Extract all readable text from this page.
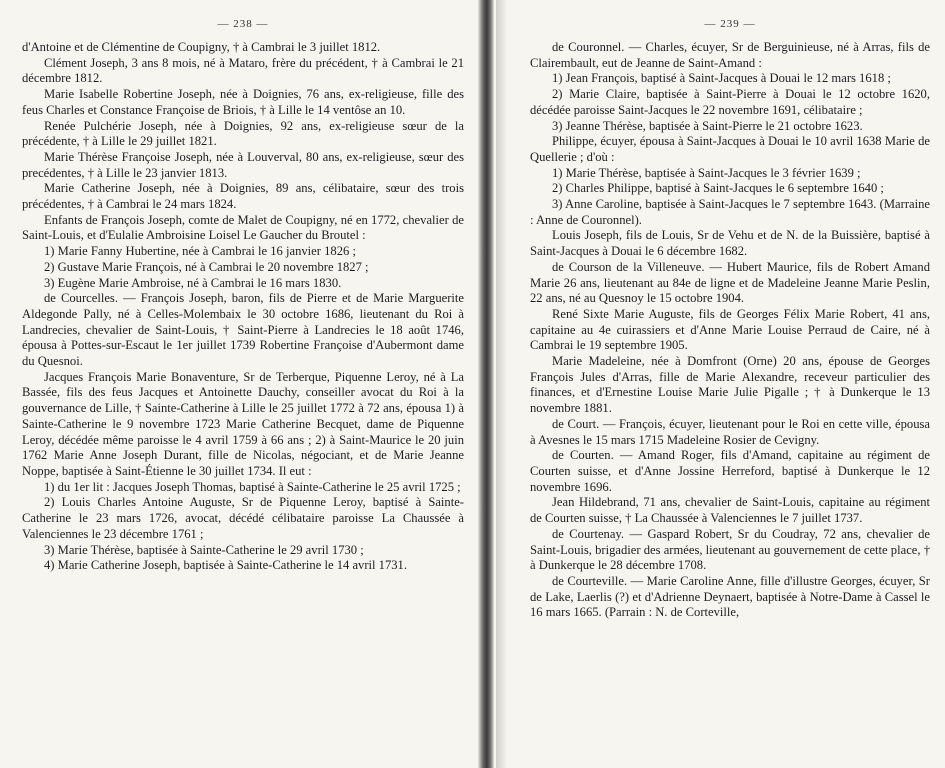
— 238 —

d'Antoine et de Clémentine de Coupigny, † à Cambrai le 3 juillet 1812.

Clément Joseph, 3 ans 8 mois, né à Mataro, frère du précédent, † à Cambrai le 21 décembre 1812.

Marie Isabelle Robertine Joseph, née à Doignies, 76 ans, ex-religieuse, fille des feus Charles et Constance Françoise de Briois, † à Lille le 14 ventôse an 10.

Renée Pulchérie Joseph, née à Doignies, 92 ans, ex-religieuse sœur de la précédente, † à Lille le 29 juillet 1821.

Marie Thérèse Françoise Joseph, née à Louverval, 80 ans, ex-religieuse, sœur des precédentes, † à Lille le 23 janvier 1813.

Marie Catherine Joseph, née à Doignies, 89 ans, célibataire, sœur des trois précédentes, † à Cambrai le 24 mars 1824.

Enfants de François Joseph, comte de Malet de Coupigny, né en 1772, chevalier de Saint-Louis, et d'Eulalie Ambroisine Loisel Le Gaucher du Broutel :

1) Marie Fanny Hubertine, née à Cambrai le 16 janvier 1826 ;

2) Gustave Marie François, né à Cambrai le 20 novembre 1827 ;

3) Eugène Marie Ambroise, né à Cambrai le 16 mars 1830.

de Courcelles. — François Joseph, baron, fils de Pierre et de Marie Marguerite Aldegonde Pally, né à Celles-Molembaix le 30 octobre 1686, lieutenant du Roi à Landrecies, chevalier de Saint-Louis, † Saint-Pierre à Landrecies le 18 août 1746, épousa à Pottes-sur-Escaut le 1er juillet 1739 Robertine Françoise d'Aubermont dame du Quesnoi.

Jacques François Marie Bonaventure, Sr de Terberque, Piquenne Leroy, né à La Bassée, fils des feus Jacques et Antoinette Dauchy, conseiller avocat du Roi à la gouvernance de Lille, † Sainte-Catherine à Lille le 25 juillet 1772 à 72 ans, épousa 1) à Sainte-Catherine le 9 novembre 1723 Marie Catherine Becquet, dame de Piquenne Leroy, décédée même paroisse le 4 avril 1759 à 66 ans ; 2) à Saint-Maurice le 20 juin 1762 Marie Anne Joseph Durant, fille de Nicolas, négociant, et de Marie Jeanne Noppe, baptisée à Saint-Étienne le 30 juillet 1734. Il eut :

1) du 1er lit : Jacques Joseph Thomas, baptisé à Sainte-Catherine le 25 avril 1725 ;

2) Louis Charles Antoine Auguste, Sr de Piquenne Leroy, baptisé à Sainte-Catherine le 23 mars 1726, avocat, décédé célibataire paroisse La Chaussée à Valenciennes le 23 décembre 1761 ;

3) Marie Thérèse, baptisée à Sainte-Catherine le 29 avril 1730 ;

4) Marie Catherine Joseph, baptisée à Sainte-Catherine le 14 avril 1731.

— 239 —

de Couronnel. — Charles, écuyer, Sr de Berguinieuse, né à Arras, fils de Clairembault, eut de Jeanne de Saint-Amand :

1) Jean François, baptisé à Saint-Jacques à Douai le 12 mars 1618 ;

2) Marie Claire, baptisée à Saint-Pierre à Douai le 12 octobre 1620, décédée paroisse Saint-Jacques le 22 novembre 1691, célibataire ;

3) Jeanne Thérèse, baptisée à Saint-Pierre le 21 octobre 1623.

Philippe, écuyer, épousa à Saint-Jacques à Douai le 10 avril 1638 Marie de Quellerie ; d'où :

1) Marie Thérèse, baptisée à Saint-Jacques le 3 février 1639 ;

2) Charles Philippe, baptisé à Saint-Jacques le 6 septembre 1640 ;

3) Anne Caroline, baptisée à Saint-Jacques le 7 septembre 1643. (Marraine : Anne de Couronnel).

Louis Joseph, fils de Louis, Sr de Vehu et de N. de la Buissière, baptisé à Saint-Jacques à Douai le 6 décembre 1682.

de Courson de la Villeneuve. — Hubert Maurice, fils de Robert Amand Marie 26 ans, lieutenant au 84e de ligne et de Madeleine Jeanne Marie Peslin, 22 ans, né au Quesnoy le 15 octobre 1904.

René Sixte Marie Auguste, fils de Georges Félix Marie Robert, 41 ans, capitaine au 4e cuirassiers et d'Anne Marie Louise Perraud de Caire, né à Cambrai le 19 septembre 1905.

Marie Madeleine, née à Domfront (Orne) 20 ans, épouse de Georges François Jules d'Arras, fille de Marie Alexandre, receveur particulier des finances, et d'Ernestine Louise Marie Julie Pigalle ; † à Dunkerque le 13 novembre 1881.

de Court. — François, écuyer, lieutenant pour le Roi en cette ville, épousa à Avesnes le 15 mars 1715 Madeleine Rosier de Cevigny.

de Courten. — Amand Roger, fils d'Amand, capitaine au régiment de Courten suisse, et d'Anne Jossine Herreford, baptisé à Dunkerque le 12 novembre 1696.

Jean Hildebrand, 71 ans, chevalier de Saint-Louis, capitaine au régiment de Courten suisse, † La Chaussée à Valenciennes le 7 juillet 1737.

de Courtenay. — Gaspard Robert, Sr du Coudray, 72 ans, chevalier de Saint-Louis, brigadier des armées, lieutenant au gouvernement de cette place, † à Dunkerque le 28 décembre 1708.

de Courteville. — Marie Caroline Anne, fille d'illustre Georges, écuyer, Sr de Lake, Laerlis (?) et d'Adrienne Deynaert, baptisée à Notre-Dame à Cassel le 16 mars 1665. (Parrain : N. de Corteville,
